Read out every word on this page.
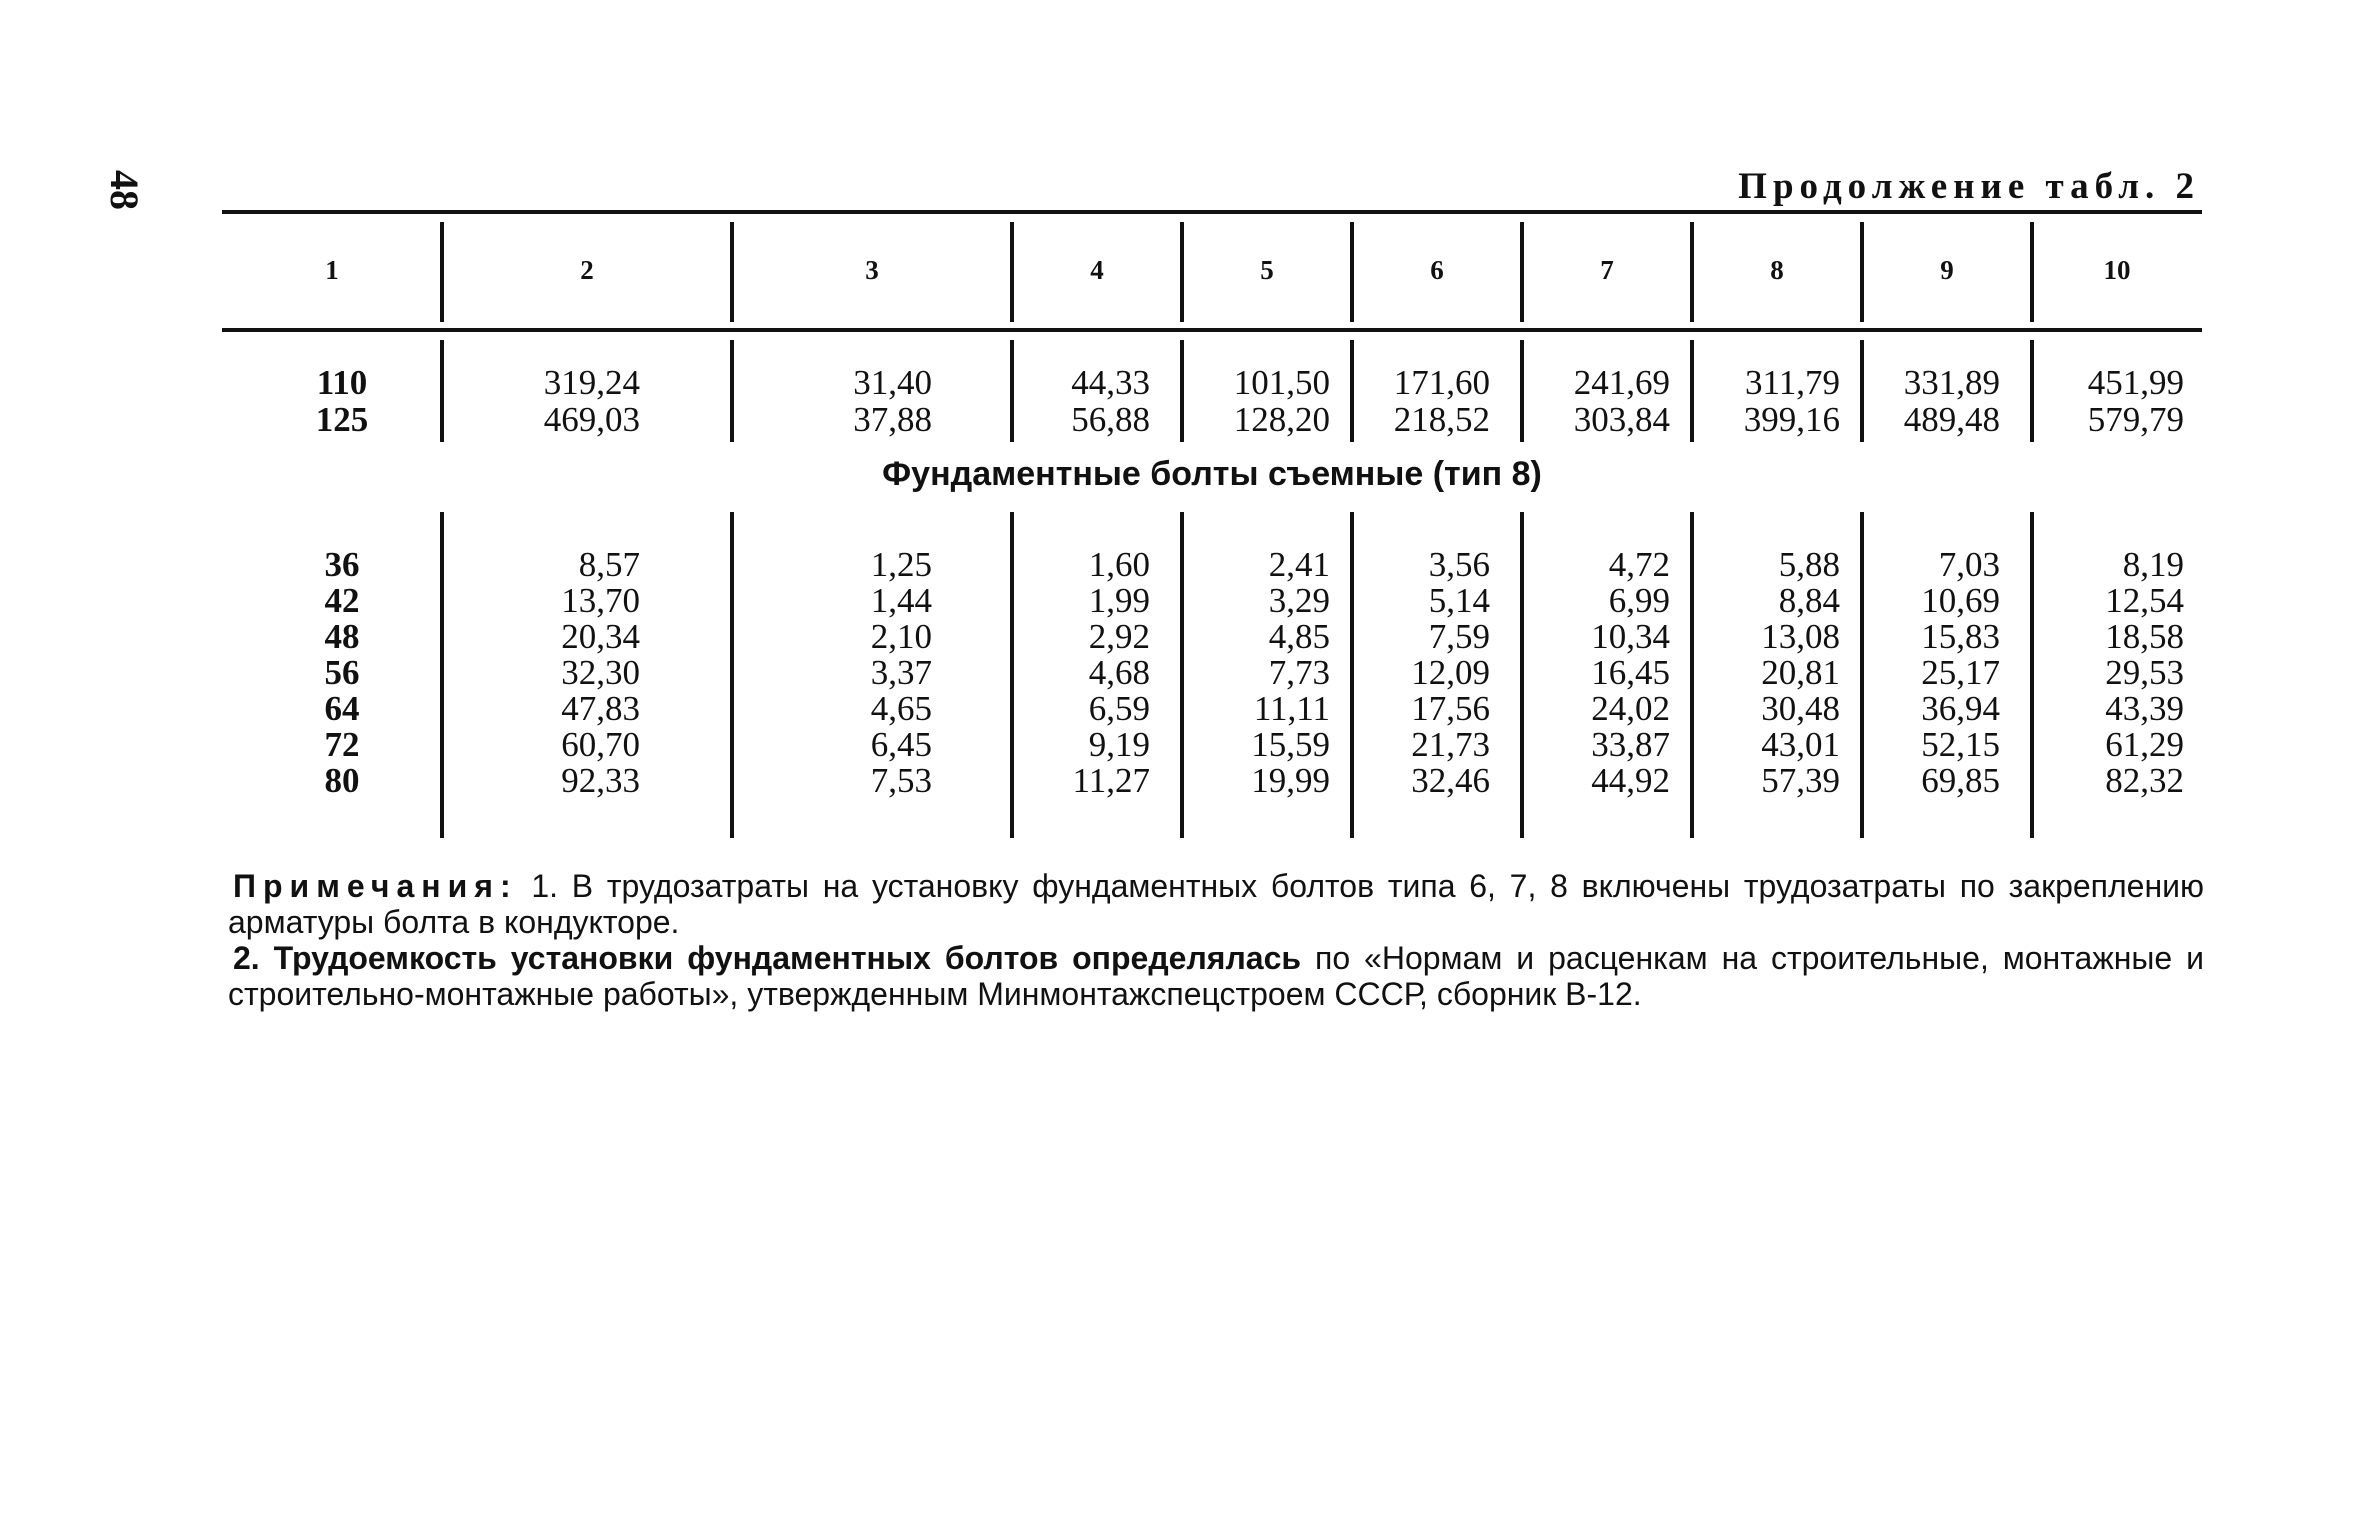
48	Продолжение табл. 2
1	2	3	4	5	6	7	8	9	10
110	319,24	31,40	44,33	101,50	171,60	241,69	311,79	331,89	451,99
125	469,03	37,88	56,88	128,20	218,52	303,84	399,16	489,48	579,79
Фундаментные болты съемные (тип 8)
36	8,57	1,25	1,60	2,41	3,56	4,72	5,88	7,03	8,19
42	13,70	1,44	1,99	3,29	5,14	6,99	8,84	10,69	12,54
48	20,34	2,10	2,92	4,85	7,59	10,34	13,08	15,83	18,58
56	32,30	3,37	4,68	7,73	12,09	16,45	20,81	25,17	29,53
64	47,83	4,65	6,59	11,11	17,56	24,02	30,48	36,94	43,39
72	60,70	6,45	9,19	15,59	21,73	33,87	43,01	52,15	61,29
80	92,33	7,53	11,27	19,99	32,46	44,92	57,39	69,85	82,32

Примечания: 1. В трудозатраты на установку фундаментных болтов типа 6, 7, 8 включены трудозатраты по закреплению арматуры болта в кондукторе.

2. Трудоемкость установки фундаментных болтов определялась по «Нормам и расценкам на строительные, монтажные и строительно-монтажные работы», утвержденным Минмонтажспецстроем СССР, сборник В-12.
